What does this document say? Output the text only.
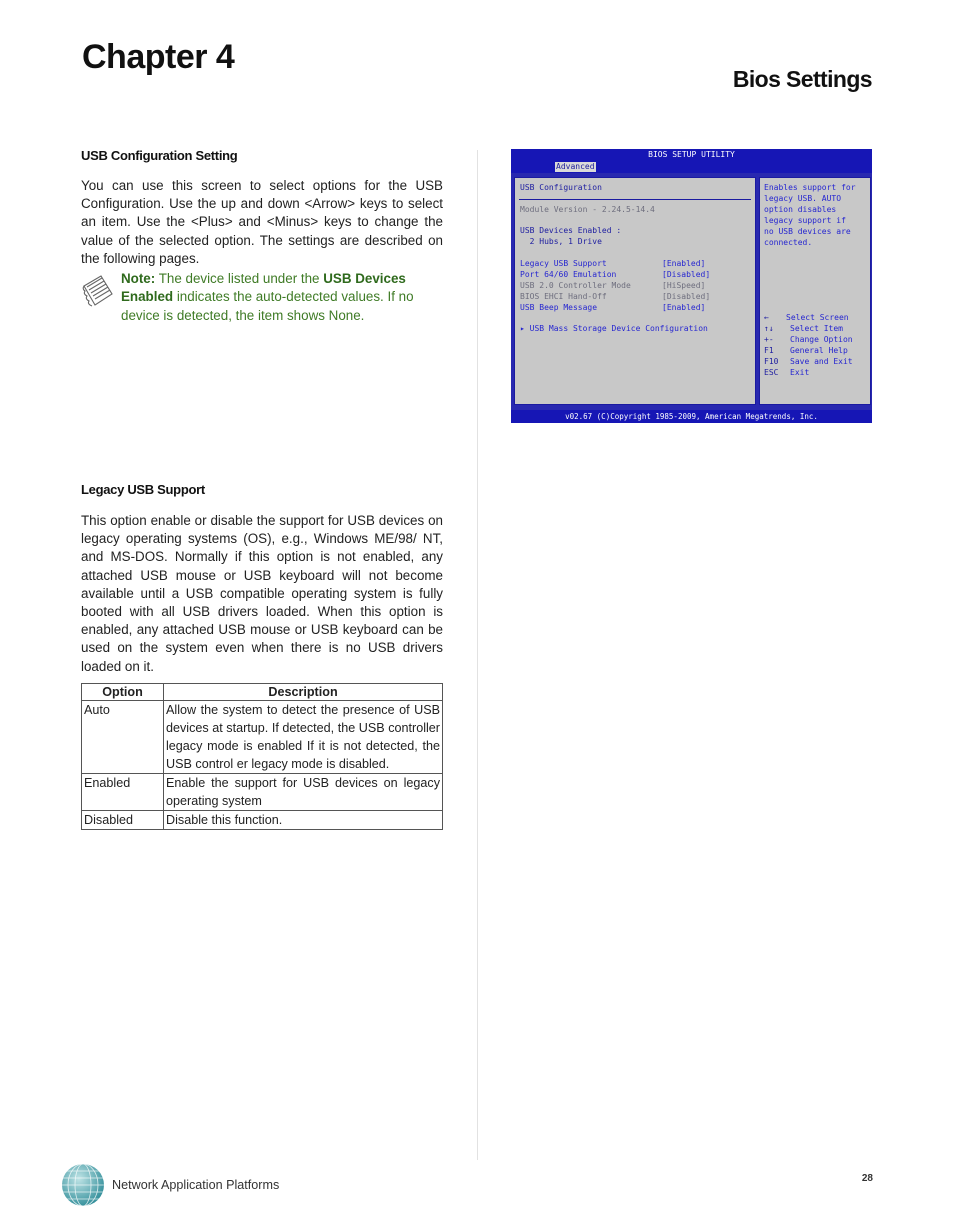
Chapter 4
Bios Settings
USB Configuration Setting
You can use this screen to select options for the USB Configuration. Use the up and down <Arrow> keys to select an item. Use the <Plus> and <Minus> keys to change the value of the selected option. The settings are described on the following pages.
Note: The device listed under the USB Devices Enabled indicates the auto-detected values. If no device is detected, the item shows None.
Legacy USB Support
This option enable or disable the support for USB devices on legacy operating systems (OS), e.g., Windows ME/98/ NT, and MS-DOS. Normally if this option is not enabled, any attached USB mouse or USB keyboard will not become available until a USB compatible operating system is fully booted with all USB drivers loaded. When this option is enabled, any attached USB mouse or USB keyboard can be used on the system even when there is no USB drivers loaded on it.
Option	Description
Auto	Allow the system to detect the presence of USB devices at startup. If detected, the USB controller legacy mode is enabled If it is not detected, the USB control er legacy mode is disabled.
Enabled	Enable the support for USB devices on legacy operating system
Disabled	Disable this function.
BIOS SETUP UTILITY
Advanced
USB Configuration
Module Version - 2.24.5-14.4
USB Devices Enabled :
2 Hubs, 1 Drive
Legacy USB Support	[Enabled]
Port 64/60 Emulation	[Disabled]
USB 2.0 Controller Mode	[HiSpeed]
BIOS EHCI Hand-Off	[Disabled]
USB Beep Message	[Enabled]
▸ USB Mass Storage Device Configuration
Enables support for
legacy USB. AUTO
option disables
legacy support if
no USB devices are
connected.
← Select Screen
↑↓ Select Item
+- Change Option
F1 General Help
F10 Save and Exit
ESC Exit
v02.67 (C)Copyright 1985-2009, American Megatrends, Inc.
Network Application Platforms	28
